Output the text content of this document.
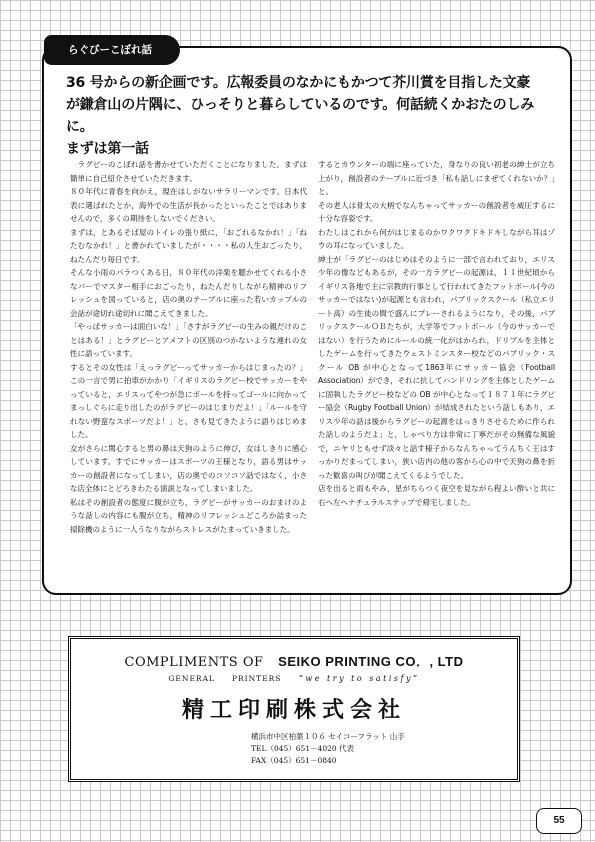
らぐびーこぼれ話
36 号からの新企画です。広報委員のなかにもかつて芥川賞を目指した文豪
が鎌倉山の片隅に、ひっそりと暮らしているのです。何話続くかおたのしみに。
まずは第一話

ラグビーのこぼれ話を書かせていただくことになりました。まずは簡単に自己紹介させていただきます。

８０年代に青春を向かえ，現在はしがないサラリーマンです。日本代表に選ばれたとか，海外での生活が長かったといったことではありませんので，多くの期待をしないでください。

まずは，とあるそば屋のトイレの張り紙に，「おごれるなかれ！」「ねたむなかれ！」と書かれていましたが・・・・私の人生おごったり，ねたんだり毎日です。

そんな小雨のパラつくある日，８０年代の洋楽を聴かせてくれる小さなバーでマスター相手におごったり，ねたんだりしながら精神のリフレッシュを図っていると，店の奥のテーブルに座った若いカップルの会話が途切れ途切れに聞こえてきました。

「やっぱサッカーは面白いな！」「さすがラグビーの生みの親だけのことはある！」とラグビーとアメフトの区別のつかないような連れの女性に語っています。

するとその女性は「えっラグビーってサッカーからはじまったの？」この一言で男に拍車がかかり「イギリスのラグビー校でサッカーをやっていると，エリスってやつが急にボールを持ってゴールに向かってまっしぐらに走り出したのがラグビーのはじまりだよ！」「ルールを守れない野蛮なスポーツだよ！」と、さも見てきたように語りはじめました。

女がさらに関心すると男の鼻は天狗のように伸び，女はしきりに感心しています。すでにサッカーはスポーツの王様となり，語る男はサッカーの創設者になってしまい，店の奥でのコソコソ話ではなく，小さな店全体にとどろきわたる演説となってしまいました。

私はその創設者の態度に腹が立ち，ラグビーがサッカーのおまけのような話しの内容にも腹が立ち，精神のリフレッシュどころか詰まった掃除機のように一人うなりながらストレスがたまっていきました。

するとカウンターの端に座っていた，身なりの良い初老の紳士が立ち上がり，創設者のテーブルに近づき「私も話しにまぜてくれないか？」と。

その老人は骨太の大柄でなんちゃってサッカーの創設者を威圧するに十分な容姿です。

わたしはこれから何がはじまるのかワクワクドキドキしながら耳はゾウの耳になっていました。

紳士が「ラグビーのはじめはそのように一部で言われており，エリス少年の像などもあるが，その一方ラグビーの起源は，１１世紀頃からイギリス各地で主に宗教的行事として行われてきたフットボール(今のサッカーではない)が起源とも言われ，パブリックスクール（私立エリート高）の生徒の間で盛んにプレーされるようになり，その後，パブリックスクールＯＢたちが，大学等でフットボール（今のサッカーではない）を行うためにルールの統一化がはかられ，ドリブルを主体としたゲームを行ってきたウェストミンスター校などのパブリック・スクール OB が中心となって1863年にサッカー協会（Football Association）ができ，それに抗してハンドリングを主体としたゲームに固執したラグビー校などの OB が中心となって１８７１年にラグビー協会（Rugby Football Union）が結成されたという話しもあり，エリス少年の話は後からラグビーの起源をはっきりさせるために作られた話しのようだよ」と，しゃべり方は非常に丁寧だがその無備な風貌で，ニヤリともせず淡々と話す様子からなんちゃってうんちく王はすっかりだまってしまい，狭い店内の他の客から心の中で天狗の鼻を折った歓喜の叫びが聞こえてくるようでした。

店を出ると雨もやみ，星がちらつく夜空を見ながら程よい酔いと共に右へ左へナチュラルステップで帰宅しました。

COMPLIMENTS OF SEIKO PRINTING CO．, LTD
GENERAL　　PRINTERS “we try to satisfy”
精工印刷株式会社
横浜市中区柏葉１０６ セイコーフラット 山手
TEL（045）651－4020 代表
FAX（045）651－0840
55
